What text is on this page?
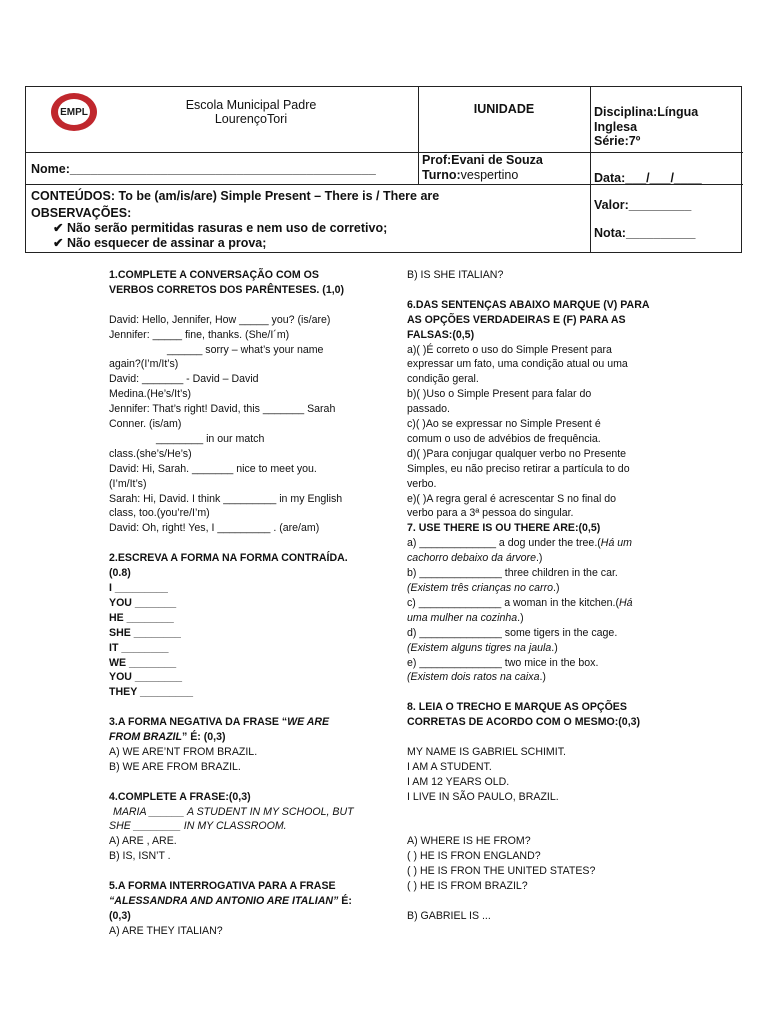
EMPL
Escola Municipal Padre
LourençoTori
IUNIDADE	Disciplina:Língua
Inglesa
Série:7º
Nome:____________________________________________
Prof:Evani de Souza
Turno:vespertino	Data:___/___/____
CONTEÚDOS: To be (am/is/are) Simple Present – There is / There are
OBSERVAÇÕES:
✔ Não serão permitidas rasuras e nem uso de corretivo;
✔ Não esquecer de assinar a prova;
Valor:_________
Nota:__________

1.COMPLETE A CONVERSAÇÃO COM OS

VERBOS CORRETOS DOS PARÊNTESES. (1,0)

David: Hello, Jennifer, How _____ you? (is/are)

Jennifer: _____ fine, thanks. (She/I´m)

______ sorry – what’s your name

again?(I’m/It’s)

David: _______ - David – David

Medina.(He’s/It’s)

Jennifer: That’s right! David, this _______ Sarah

Conner. (is/am)

________ in our match

class.(she’s/He’s)

David: Hi, Sarah. _______ nice to meet you.

(I’m/It’s)

Sarah: Hi, David. I think _________ in my English

class, too.(you’re/I’m)

David: Oh, right! Yes, I _________ . (are/am)

2.ESCREVA A FORMA NA FORMA CONTRAÍDA.

(0.8)

I _________

YOU _______

HE ________

SHE ________

IT ________

WE ________

YOU ________

THEY _________

3.A FORMA NEGATIVA DA FRASE “WE ARE

FROM BRAZIL” É: (0,3)

A) WE ARE’NT FROM BRAZIL.

B) WE ARE FROM BRAZIL.

4.COMPLETE A FRASE:(0,3)

MARIA ______ A STUDENT IN MY SCHOOL, BUT

SHE ________ IN MY CLASSROOM.

A) ARE , ARE.

B) IS, ISN’T .

5.A FORMA INTERROGATIVA PARA A FRASE

“ALESSANDRA AND ANTONIO ARE ITALIAN” É:

(0,3)

A) ARE THEY ITALIAN?

B) IS SHE ITALIAN?

6.DAS SENTENÇAS ABAIXO MARQUE (V) PARA

AS OPÇÕES VERDADEIRAS E (F) PARA AS

FALSAS:(0,5)

a)( )É correto o uso do Simple Present para

expressar um fato, uma condição atual ou uma

condição geral.

b)( )Uso o Simple Present para falar do

passado.

c)( )Ao se expressar no Simple Present é

comum o uso de advébios de frequência.

d)( )Para conjugar qualquer verbo no Presente

Simples, eu não preciso retirar a partícula to do

verbo.

e)( )A regra geral é acrescentar S no final do

verbo para a 3ª pessoa do singular.

7. USE THERE IS OU THERE ARE:(0,5)

a) _____________ a dog under the tree.(Há um

cachorro debaixo da árvore.)

b) ______________ three children in the car.

(Existem três crianças no carro.)

c) ______________ a woman in the kitchen.(Há

uma mulher na cozinha.)

d) ______________ some tigers in the cage.

(Existem alguns tigres na jaula.)

e) ______________ two mice in the box.

(Existem dois ratos na caixa.)

8. LEIA O TRECHO E MARQUE AS OPÇÕES

CORRETAS DE ACORDO COM O MESMO:(0,3)

MY NAME IS GABRIEL SCHIMIT.

I AM A STUDENT.

I AM 12 YEARS OLD.

I LIVE IN SÃO PAULO, BRAZIL.

A) WHERE IS HE FROM?

( ) HE IS FRON ENGLAND?

( ) HE IS FRON THE UNITED STATES?

( ) HE IS FROM BRAZIL?

B) GABRIEL IS ...
